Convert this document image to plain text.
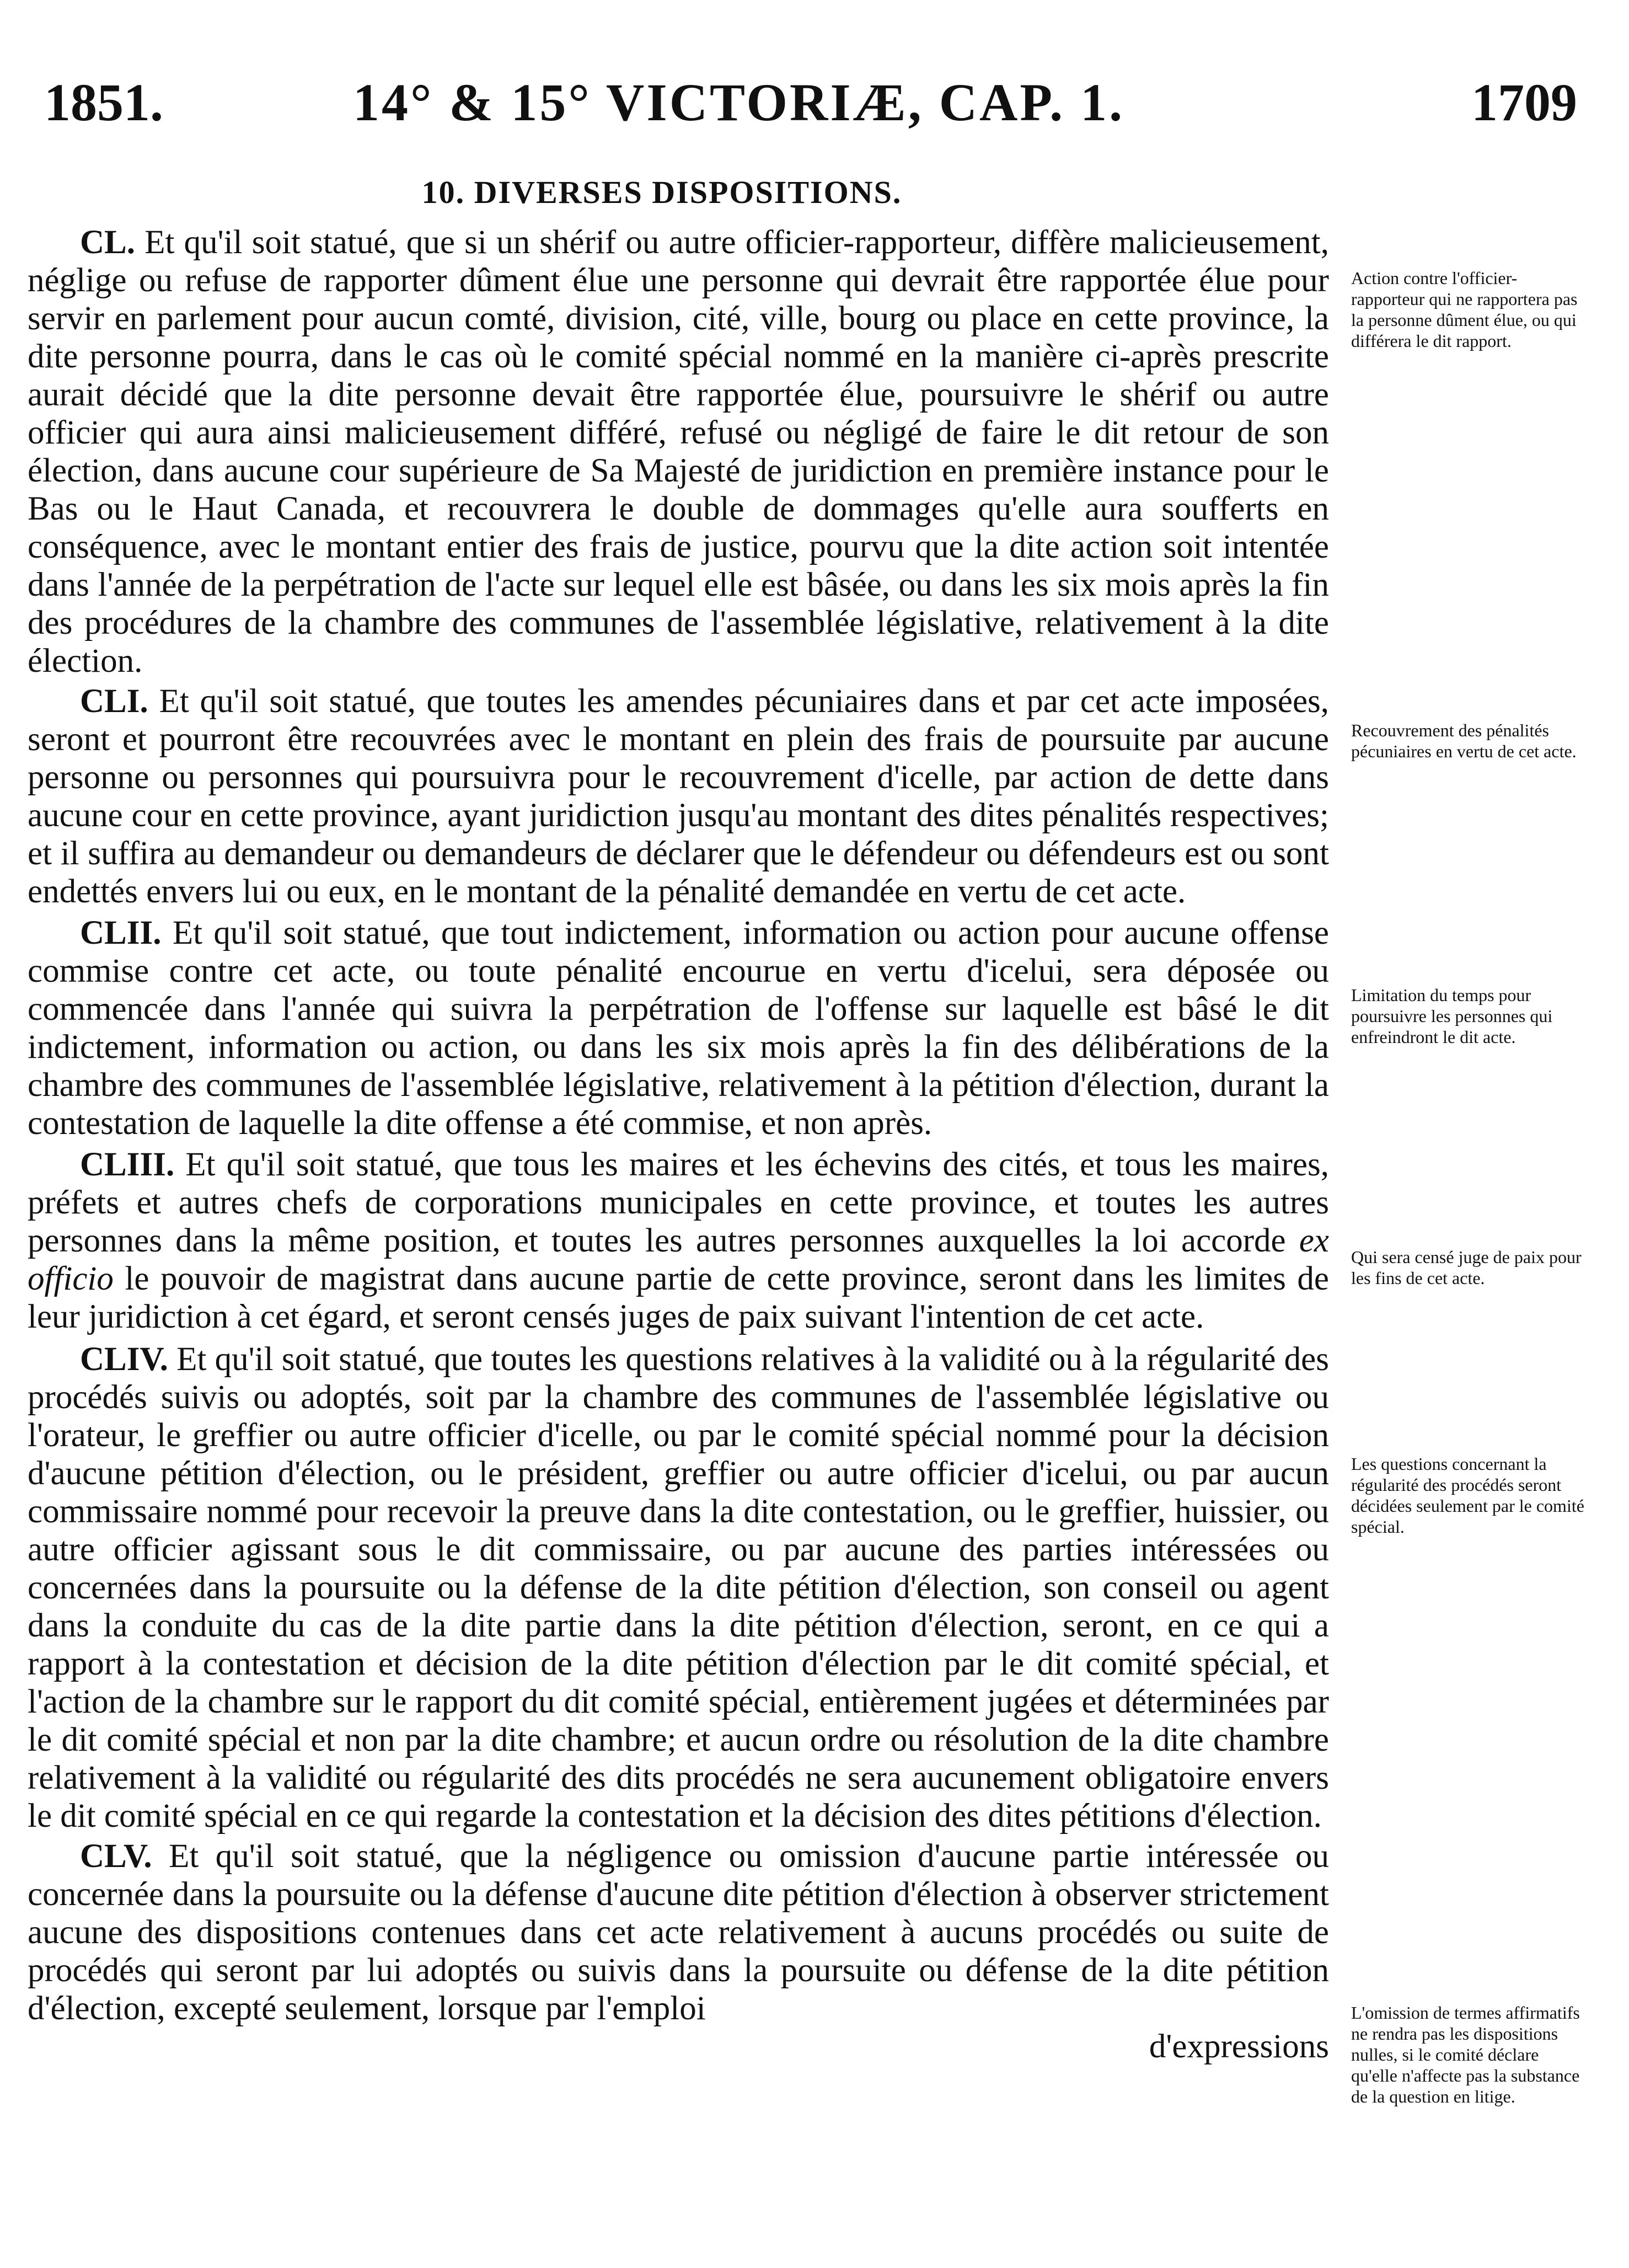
1851.	14° & 15° VICTORIÆ, CAP. 1.	1709
10. DIVERSES DISPOSITIONS.

CL. Et qu'il soit statué, que si un shérif ou autre officier-rapporteur, diffère malicieusement, néglige ou refuse de rapporter dûment élue une personne qui devrait être rapportée élue pour servir en parlement pour aucun comté, division, cité, ville, bourg ou place en cette province, la dite personne pourra, dans le cas où le comité spécial nommé en la manière ci-après prescrite aurait décidé que la dite personne devait être rapportée élue, poursuivre le shérif ou autre officier qui aura ainsi malicieusement différé, refusé ou négligé de faire le dit retour de son élection, dans aucune cour supérieure de Sa Majesté de juridiction en première instance pour le Bas ou le Haut Canada, et recouvrera le double de dommages qu'elle aura soufferts en conséquence, avec le montant entier des frais de justice, pourvu que la dite action soit intentée dans l'année de la perpétration de l'acte sur lequel elle est bâsée, ou dans les six mois après la fin des procédures de la chambre des communes de l'assemblée législative, relativement à la dite élection.

CLI. Et qu'il soit statué, que toutes les amendes pécuniaires dans et par cet acte imposées, seront et pourront être recouvrées avec le montant en plein des frais de poursuite par aucune personne ou personnes qui poursuivra pour le recouvrement d'icelle, par action de dette dans aucune cour en cette province, ayant juridiction jusqu'au montant des dites pénalités respectives; et il suffira au demandeur ou demandeurs de déclarer que le défendeur ou défendeurs est ou sont endettés envers lui ou eux, en le montant de la pénalité demandée en vertu de cet acte.

CLII. Et qu'il soit statué, que tout indictement, information ou action pour aucune offense commise contre cet acte, ou toute pénalité encourue en vertu d'icelui, sera déposée ou commencée dans l'année qui suivra la perpétration de l'offense sur laquelle est bâsé le dit indictement, information ou action, ou dans les six mois après la fin des délibérations de la chambre des communes de l'assemblée législative, relativement à la pétition d'élection, durant la contestation de laquelle la dite offense a été commise, et non après.

CLIII. Et qu'il soit statué, que tous les maires et les échevins des cités, et tous les maires, préfets et autres chefs de corporations municipales en cette province, et toutes les autres personnes dans la même position, et toutes les autres personnes auxquelles la loi accorde ex officio le pouvoir de magistrat dans aucune partie de cette province, seront dans les limites de leur juridiction à cet égard, et seront censés juges de paix suivant l'intention de cet acte.

CLIV. Et qu'il soit statué, que toutes les questions relatives à la validité ou à la régularité des procédés suivis ou adoptés, soit par la chambre des communes de l'assemblée législative ou l'orateur, le greffier ou autre officier d'icelle, ou par le comité spécial nommé pour la décision d'aucune pétition d'élection, ou le président, greffier ou autre officier d'icelui, ou par aucun commissaire nommé pour recevoir la preuve dans la dite contestation, ou le greffier, huissier, ou autre officier agissant sous le dit commissaire, ou par aucune des parties intéressées ou concernées dans la poursuite ou la défense de la dite pétition d'élection, son conseil ou agent dans la conduite du cas de la dite partie dans la dite pétition d'élection, seront, en ce qui a rapport à la contestation et décision de la dite pétition d'élection par le dit comité spécial, et l'action de la chambre sur le rapport du dit comité spécial, entièrement jugées et déterminées par le dit comité spécial et non par la dite chambre; et aucun ordre ou résolution de la dite chambre relativement à la validité ou régularité des dits procédés ne sera aucunement obligatoire envers le dit comité spécial en ce qui regarde la contestation et la décision des dites pétitions d'élection.

CLV. Et qu'il soit statué, que la négligence ou omission d'aucune partie intéressée ou concernée dans la poursuite ou la défense d'aucune dite pétition d'élection à observer strictement aucune des dispositions contenues dans cet acte relativement à aucuns procédés ou suite de procédés qui seront par lui adoptés ou suivis dans la poursuite ou défense de la dite pétition d'élection, excepté seulement, lorsque par l'emploi

d'expressions

Action contre l'officier-rapporteur qui ne rapportera pas la personne dûment élue, ou qui différera le dit rapport.
Recouvrement des pénalités pécuniaires en vertu de cet acte.
Limitation du temps pour poursuivre les personnes qui enfreindront le dit acte.
Qui sera censé juge de paix pour les fins de cet acte.
Les questions concernant la régularité des procédés seront décidées seulement par le comité spécial.
L'omission de termes affirmatifs ne rendra pas les dispositions nulles, si le comité déclare qu'elle n'affecte pas la substance de la question en litige.
